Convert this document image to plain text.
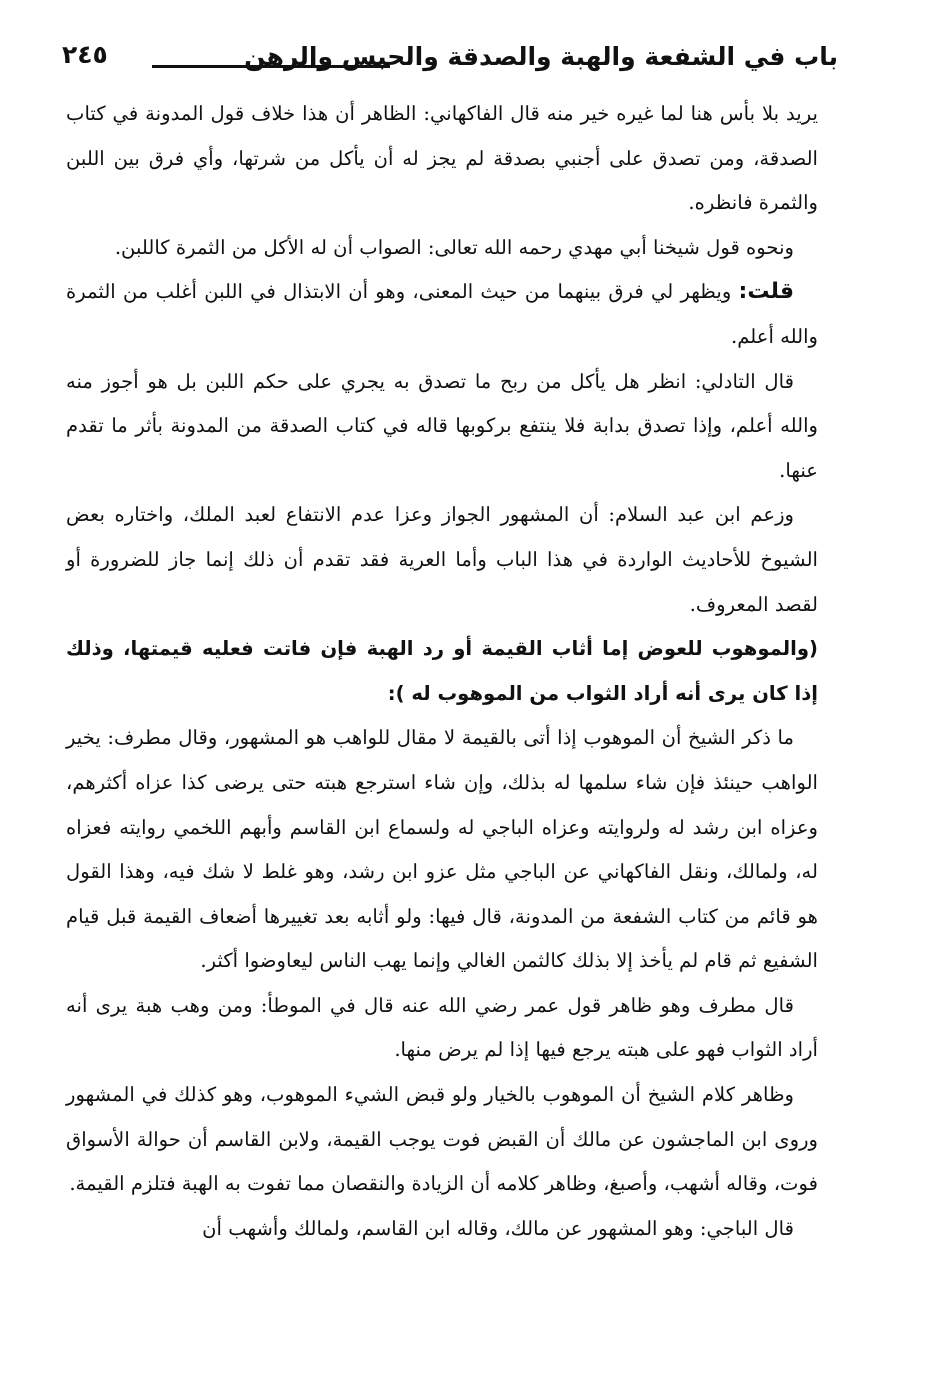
باب في الشفعة والهبة والصدقة والحبس والرهن
٢٤٥

يريد بلا بأس هنا لما غيره خير منه قال الفاكهاني: الظاهر أن هذا خلاف قول المدونة في كتاب الصدقة، ومن تصدق على أجنبي بصدقة لم يجز له أن يأكل من شرتها، وأي فرق بين اللبن والثمرة فانظره.

ونحوه قول شيخنا أبي مهدي رحمه الله تعالى: الصواب أن له الأكل من الثمرة كاللبن.

قلت: ويظهر لي فرق بينهما من حيث المعنى، وهو أن الابتذال في اللبن أغلب من الثمرة والله أعلم.

قال التادلي: انظر هل يأكل من ربح ما تصدق به يجري على حكم اللبن بل هو أجوز منه والله أعلم، وإذا تصدق بدابة فلا ينتفع بركوبها قاله في كتاب الصدقة من المدونة بأثر ما تقدم عنها.

وزعم ابن عبد السلام: أن المشهور الجواز وعزا عدم الانتفاع لعبد الملك، واختاره بعض الشيوخ للأحاديث الواردة في هذا الباب وأما العرية فقد تقدم أن ذلك إنما جاز للضرورة أو لقصد المعروف.

(والموهوب للعوض إما أثاب القيمة أو رد الهبة فإن فاتت فعليه قيمتها، وذلك إذا كان يرى أنه أراد الثواب من الموهوب له ):

ما ذكر الشيخ أن الموهوب إذا أتى بالقيمة لا مقال للواهب هو المشهور، وقال مطرف: يخير الواهب حينئذ فإن شاء سلمها له بذلك، وإن شاء استرجع هبته حتى يرضى كذا عزاه أكثرهم، وعزاه ابن رشد له ولروايته وعزاه الباجي له ولسماع ابن القاسم وأبهم اللخمي روايته فعزاه له، ولمالك، ونقل الفاكهاني عن الباجي مثل عزو ابن رشد، وهو غلط لا شك فيه، وهذا القول هو قائم من كتاب الشفعة من المدونة، قال فيها: ولو أثابه بعد تغييرها أضعاف القيمة قبل قيام الشفيع ثم قام لم يأخذ إلا بذلك كالثمن الغالي وإنما يهب الناس ليعاوضوا أكثر.

قال مطرف وهو ظاهر قول عمر رضي الله عنه قال في الموطأ: ومن وهب هبة يرى أنه أراد الثواب فهو على هبته يرجع فيها إذا لم يرض منها.

وظاهر كلام الشيخ أن الموهوب بالخيار ولو قبض الشيء الموهوب، وهو كذلك في المشهور وروى ابن الماجشون عن مالك أن القبض فوت يوجب القيمة، ولابن القاسم أن حوالة الأسواق فوت، وقاله أشهب، وأصبغ، وظاهر كلامه أن الزيادة والنقصان مما تفوت به الهبة فتلزم القيمة.

قال الباجي: وهو المشهور عن مالك، وقاله ابن القاسم، ولمالك وأشهب أن
